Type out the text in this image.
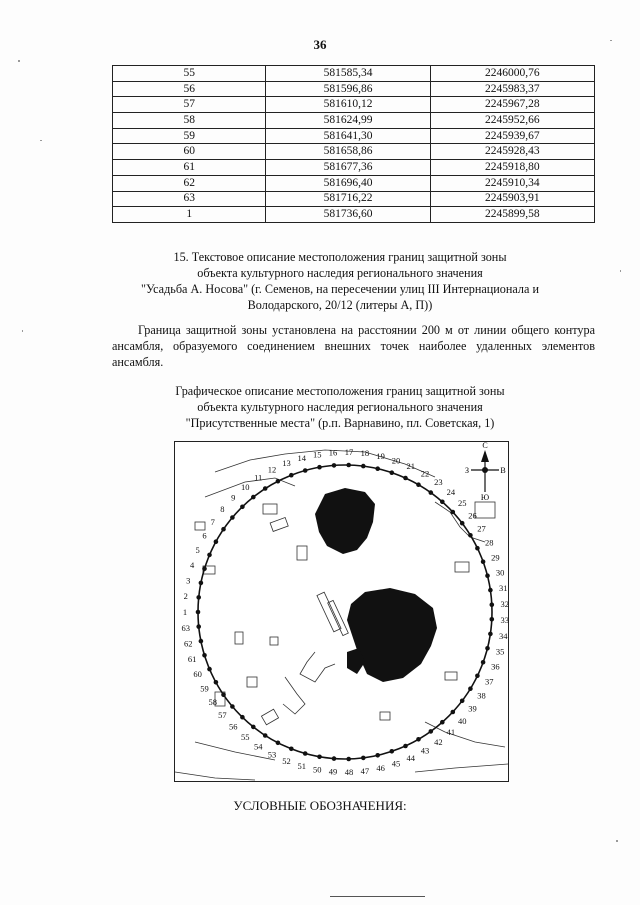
36
55	581585,34	2246000,76
56	581596,86	2245983,37
57	581610,12	2245967,28
58	581624,99	2245952,66
59	581641,30	2245939,67
60	581658,86	2245928,43
61	581677,36	2245918,80
62	581696,40	2245910,34
63	581716,22	2245903,91
1	581736,60	2245899,58

15. Текстовое описание местоположения границ защитной зоны

объекта культурного наследия регионального значения

"Усадьба А. Носова" (г. Семенов, на пересечении улиц III Интернационала и

Володарского, 20/12 (литеры А, П))

Граница защитной зоны установлена на расстоянии 200 м от линии общего контура ансамбля, образуемого соединением внешних точек наиболее удаленных элементов ансамбля.

Графическое описание местоположения границ защитной зоны

объекта культурного наследия регионального значения

"Присутственные места" (р.п. Варнавино, пл. Советская, 1)

1
2
3
4
5
6
7
8
9
10
11
12
13
14 15 16 17 18 19 20
21
22
23
24
25
26
27
28
29
30
31
32
33
34
35
36
37
38
39
40
41
42
43
44
45
46
47
48
49
50
51
52
53
54
55
56
57
58
59
60
61
62
63
С
З	В
Ю
УСЛОВНЫЕ ОБОЗНАЧЕНИЯ:
